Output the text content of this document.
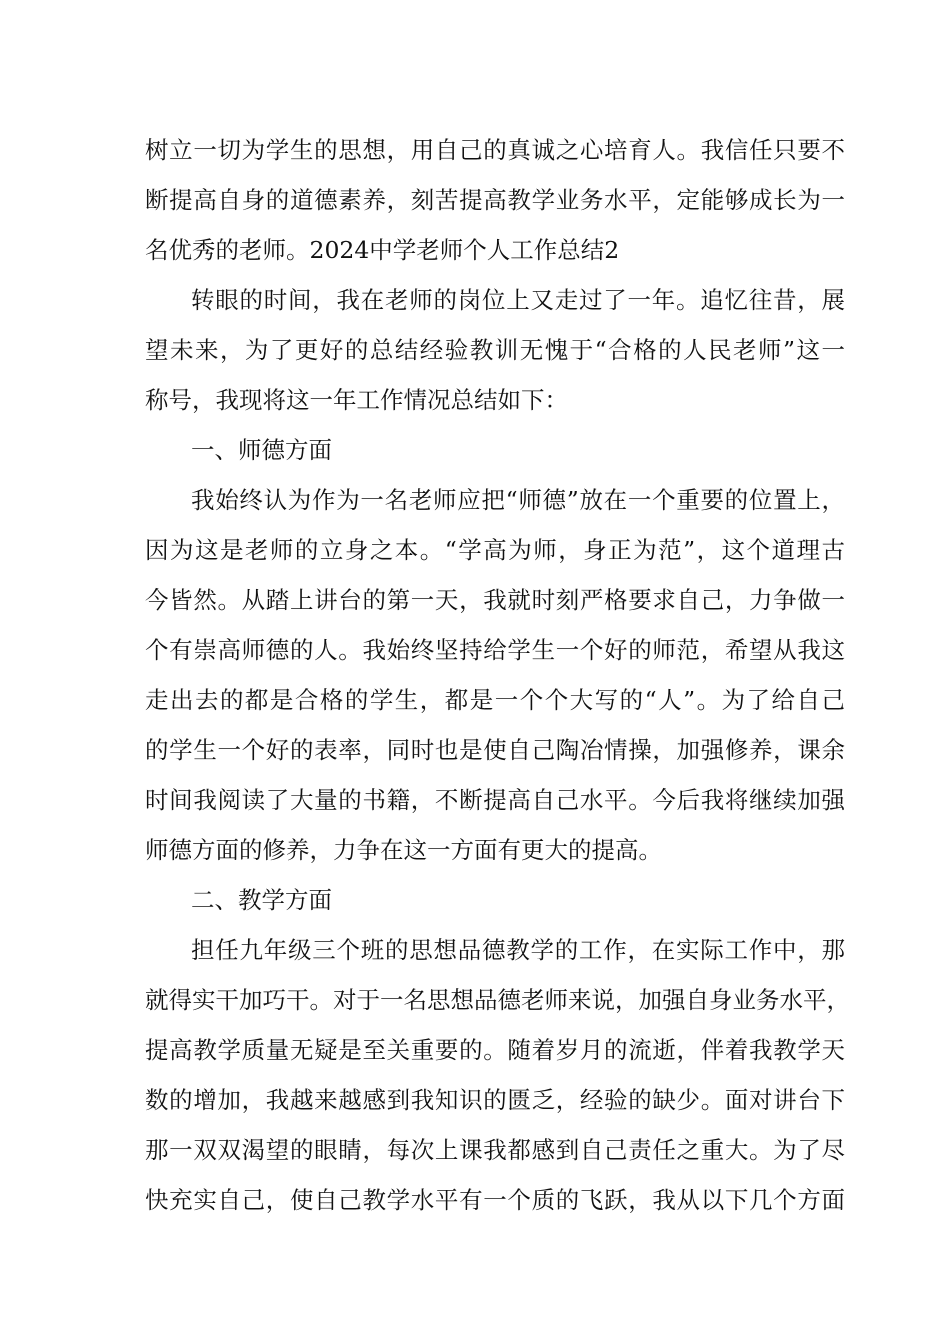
树立一切为学生的思想，用自己的真诚之心培育人。我信任只要不
断提高自身的道德素养，刻苦提高教学业务水平，定能够成长为一
名优秀的老师。2024中学老师个人工作总结2
转眼的时间，我在老师的岗位上又走过了一年。追忆往昔，展
望未来，为了更好的总结经验教训无愧于“合格的人民老师”这一
称号，我现将这一年工作情况总结如下：
一、师德方面
我始终认为作为一名老师应把“师德”放在一个重要的位置上，
因为这是老师的立身之本。“学高为师，身正为范”，这个道理古
今皆然。从踏上讲台的第一天，我就时刻严格要求自己，力争做一
个有崇高师德的人。我始终坚持给学生一个好的师范，希望从我这
走出去的都是合格的学生，都是一个个大写的“人”。为了给自己
的学生一个好的表率，同时也是使自己陶冶情操，加强修养，课余
时间我阅读了大量的书籍，不断提高自己水平。今后我将继续加强
师德方面的修养，力争在这一方面有更大的提高。
二、教学方面
担任九年级三个班的思想品德教学的工作，在实际工作中，那
就得实干加巧干。对于一名思想品德老师来说，加强自身业务水平，
提高教学质量无疑是至关重要的。随着岁月的流逝，伴着我教学天
数的增加，我越来越感到我知识的匮乏，经验的缺少。面对讲台下
那一双双渴望的眼睛，每次上课我都感到自己责任之重大。为了尽
快充实自己，使自己教学水平有一个质的飞跃，我从以下几个方面
